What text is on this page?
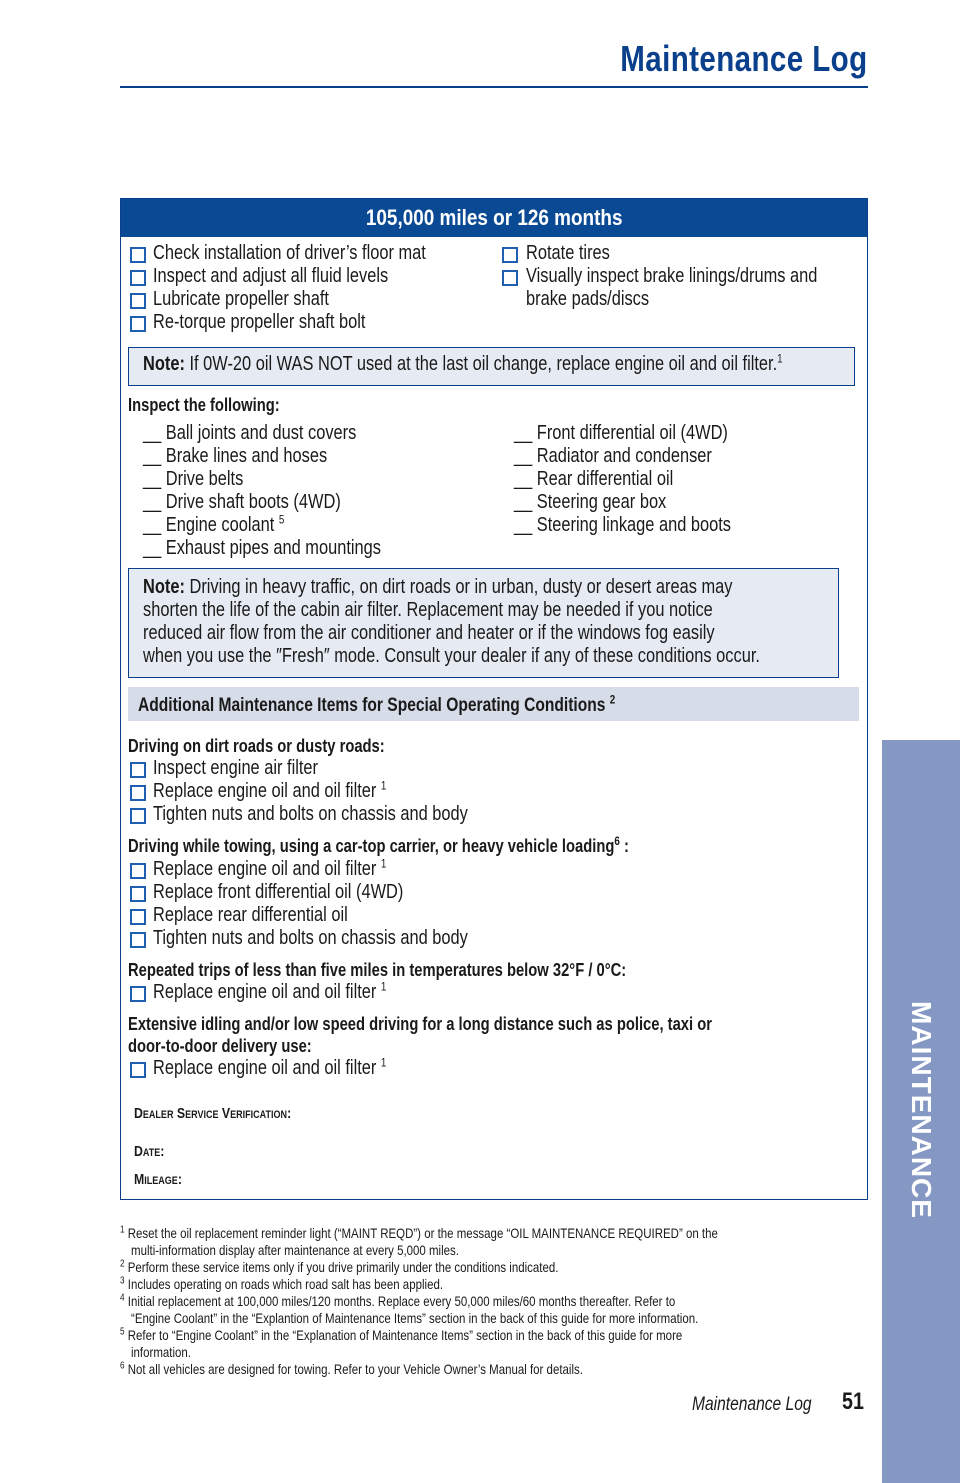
Maintenance Log
105,000 miles or 126 months
Check installation of driver’s floor mat
Inspect and adjust all fluid levels
Lubricate propeller shaft
Re-torque propeller shaft bolt
Rotate tires
Visually inspect brake linings/drums and
brake pads/discs
Note: If 0W-20 oil WAS NOT used at the last oil change, replace engine oil and oil filter.$^1$
Inspect the following:
__ Ball joints and dust covers
__ Brake lines and hoses
__ Drive belts
__ Drive shaft boots (4WD)
__ Engine coolant $^5$
__ Exhaust pipes and mountings
__ Front differential oil (4WD)
__ Radiator and condenser
__ Rear differential oil
__ Steering gear box
__ Steering linkage and boots
Note: Driving in heavy traffic, on dirt roads or in urban, dusty or desert areas may
shorten the life of the cabin air filter. Replacement may be needed if you notice
reduced air flow from the air conditioner and heater or if the windows fog easily
when you use the ″Fresh″ mode. Consult your dealer if any of these conditions occur.
Additional Maintenance Items for Special Operating Conditions $^2$
Driving on dirt roads or dusty roads:
Inspect engine air filter
Replace engine oil and oil filter $^1$
Tighten nuts and bolts on chassis and body
Driving while towing, using a car-top carrier, or heavy vehicle loading$^6$ :
Replace engine oil and oil filter $^1$
Replace front differential oil (4WD)
Replace rear differential oil
Tighten nuts and bolts on chassis and body
Repeated trips of less than five miles in temperatures below 32°F / 0°C:
Replace engine oil and oil filter $^1$
Extensive idling and/or low speed driving for a long distance such as police, taxi or
door-to-door delivery use:
Replace engine oil and oil filter $^1$
Dealer Service Verification:
Date:
Mileage:
$^1$ Reset the oil replacement reminder light (“MAINT REQD”) or the message “OIL MAINTENANCE REQUIRED” on the
multi-information display after maintenance at every 5,000 miles.
$^2$ Perform these service items only if you drive primarily under the conditions indicated.
$^3$ Includes operating on roads which road salt has been applied.
$^4$ Initial replacement at 100,000 miles/120 months. Replace every 50,000 miles/60 months thereafter. Refer to
“Engine Coolant” in the “Explantion of Maintenance Items” section in the back of this guide for more information.
$^5$ Refer to “Engine Coolant” in the “Explanation of Maintenance Items” section in the back of this guide for more
information.
$^6$ Not all vehicles are designed for towing. Refer to your Vehicle Owner’s Manual for details.
Maintenance Log	51
MAINTENANCE
